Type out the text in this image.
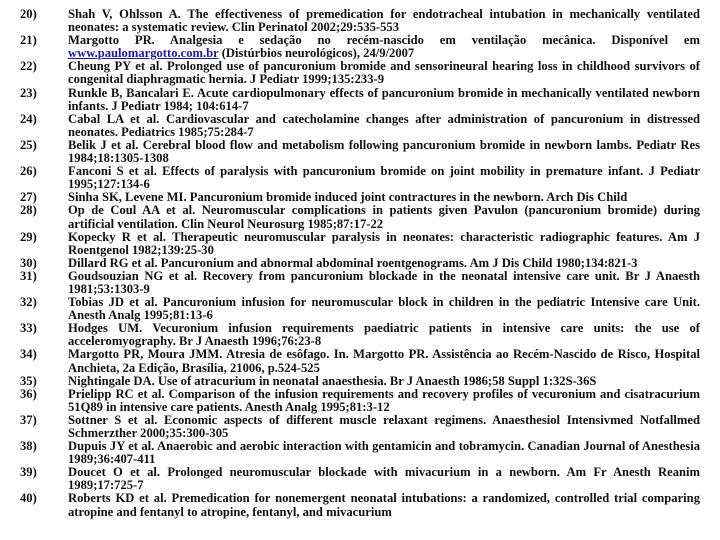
20)	Shah V, Ohlsson A. The effectiveness of premedication for endotracheal intubation in mechanically ventilated neonates: a systematic review. Clin Perinatol 2002;29:535-553
21)	Margotto PR. Analgesia e sedação no recém-nascido em ventilação mecânica. Disponível em www.paulomargotto.com.br (Distúrbios neurológicos), 24/9/2007
22)	Cheung PY et al. Prolonged use of pancuronium bromide and sensorineural hearing loss in childhood survivors of congenital diaphragmatic hernia. J Pediatr 1999;135:233-9
23)	Runkle B, Bancalari E. Acute cardiopulmonary effects of pancuronium bromide in mechanically ventilated newborn infants. J Pediatr 1984; 104:614-7
24)	Cabal LA et al. Cardiovascular and catecholamine changes after administration of pancuronium in distressed neonates. Pediatrics 1985;75:284-7
25)	Belik J et al. Cerebral blood flow and metabolism following pancuronium bromide in newborn lambs. Pediatr Res 1984;18:1305-1308
26)	Fanconi S et al. Effects of paralysis with pancuronium bromide on joint mobility in premature infant. J Pediatr 1995;127:134-6
27)	Sinha SK, Levene MI. Pancuronium bromide induced joint contractures in the newborn. Arch Dis Child
28)	Op de Coul AA et al. Neuromuscular complications in patients given Pavulon (pancuronium bromide) during artificial ventilation. Clin Neurol Neurosurg 1985;87:17-22
29)	Kopecky R et al. Therapeutic neuromuscular paralysis in neonates: characteristic radiographic features. Am J Roentgenol 1982;139:25-30
30)	Dillard RG et al. Pancuronium and abnormal abdominal roentgenograms. Am J Dis Child 1980;134:821-3
31)	Goudsouzian NG et al. Recovery from pancuronium blockade in the neonatal intensive care unit. Br J Anaesth 1981;53:1303-9
32)	Tobias JD et al. Pancuronium infusion for neuromuscular block in children in the pediatric Intensive care Unit. Anesth Analg 1995;81:13-6
33)	Hodges UM. Vecuronium infusion requirements paediatric patients in intensive care units: the use of acceleromyography. Br J Anaesth 1996;76:23-8
34)	Margotto PR, Moura JMM. Atresia de esôfago. In. Margotto PR. Assistência ao Recém-Nascido de Risco, Hospital Anchieta, 2a Edição, Brasília, 21006, p.524-525
35)	Nightingale DA. Use of atracurium in neonatal anaesthesia. Br J Anaesth 1986;58 Suppl 1:32S-36S
36)	Prielipp RC et al. Comparison of the infusion requirements and recovery profiles of vecuronium and cisatracurium 51Q89 in intensive care patients. Anesth Analg 1995;81:3-12
37)	Sottner S et al. Economic aspects of different muscle relaxant regimens. Anaesthesiol Intensivmed Notfallmed Schmerzther 2000;35:300-305
38)	Dupuis JY et al. Anaerobic and aerobic interaction with gentamicin and tobramycin. Canadian Journal of Anesthesia 1989;36:407-411
39)	Doucet O et al. Prolonged neuromuscular blockade with mivacurium in a newborn. Am Fr Anesth Reanim 1989;17:725-7
40)	Roberts KD et al. Premedication for nonemergent neonatal intubations: a randomized, controlled trial comparing atropine and fentanyl to atropine, fentanyl, and mivacurium
